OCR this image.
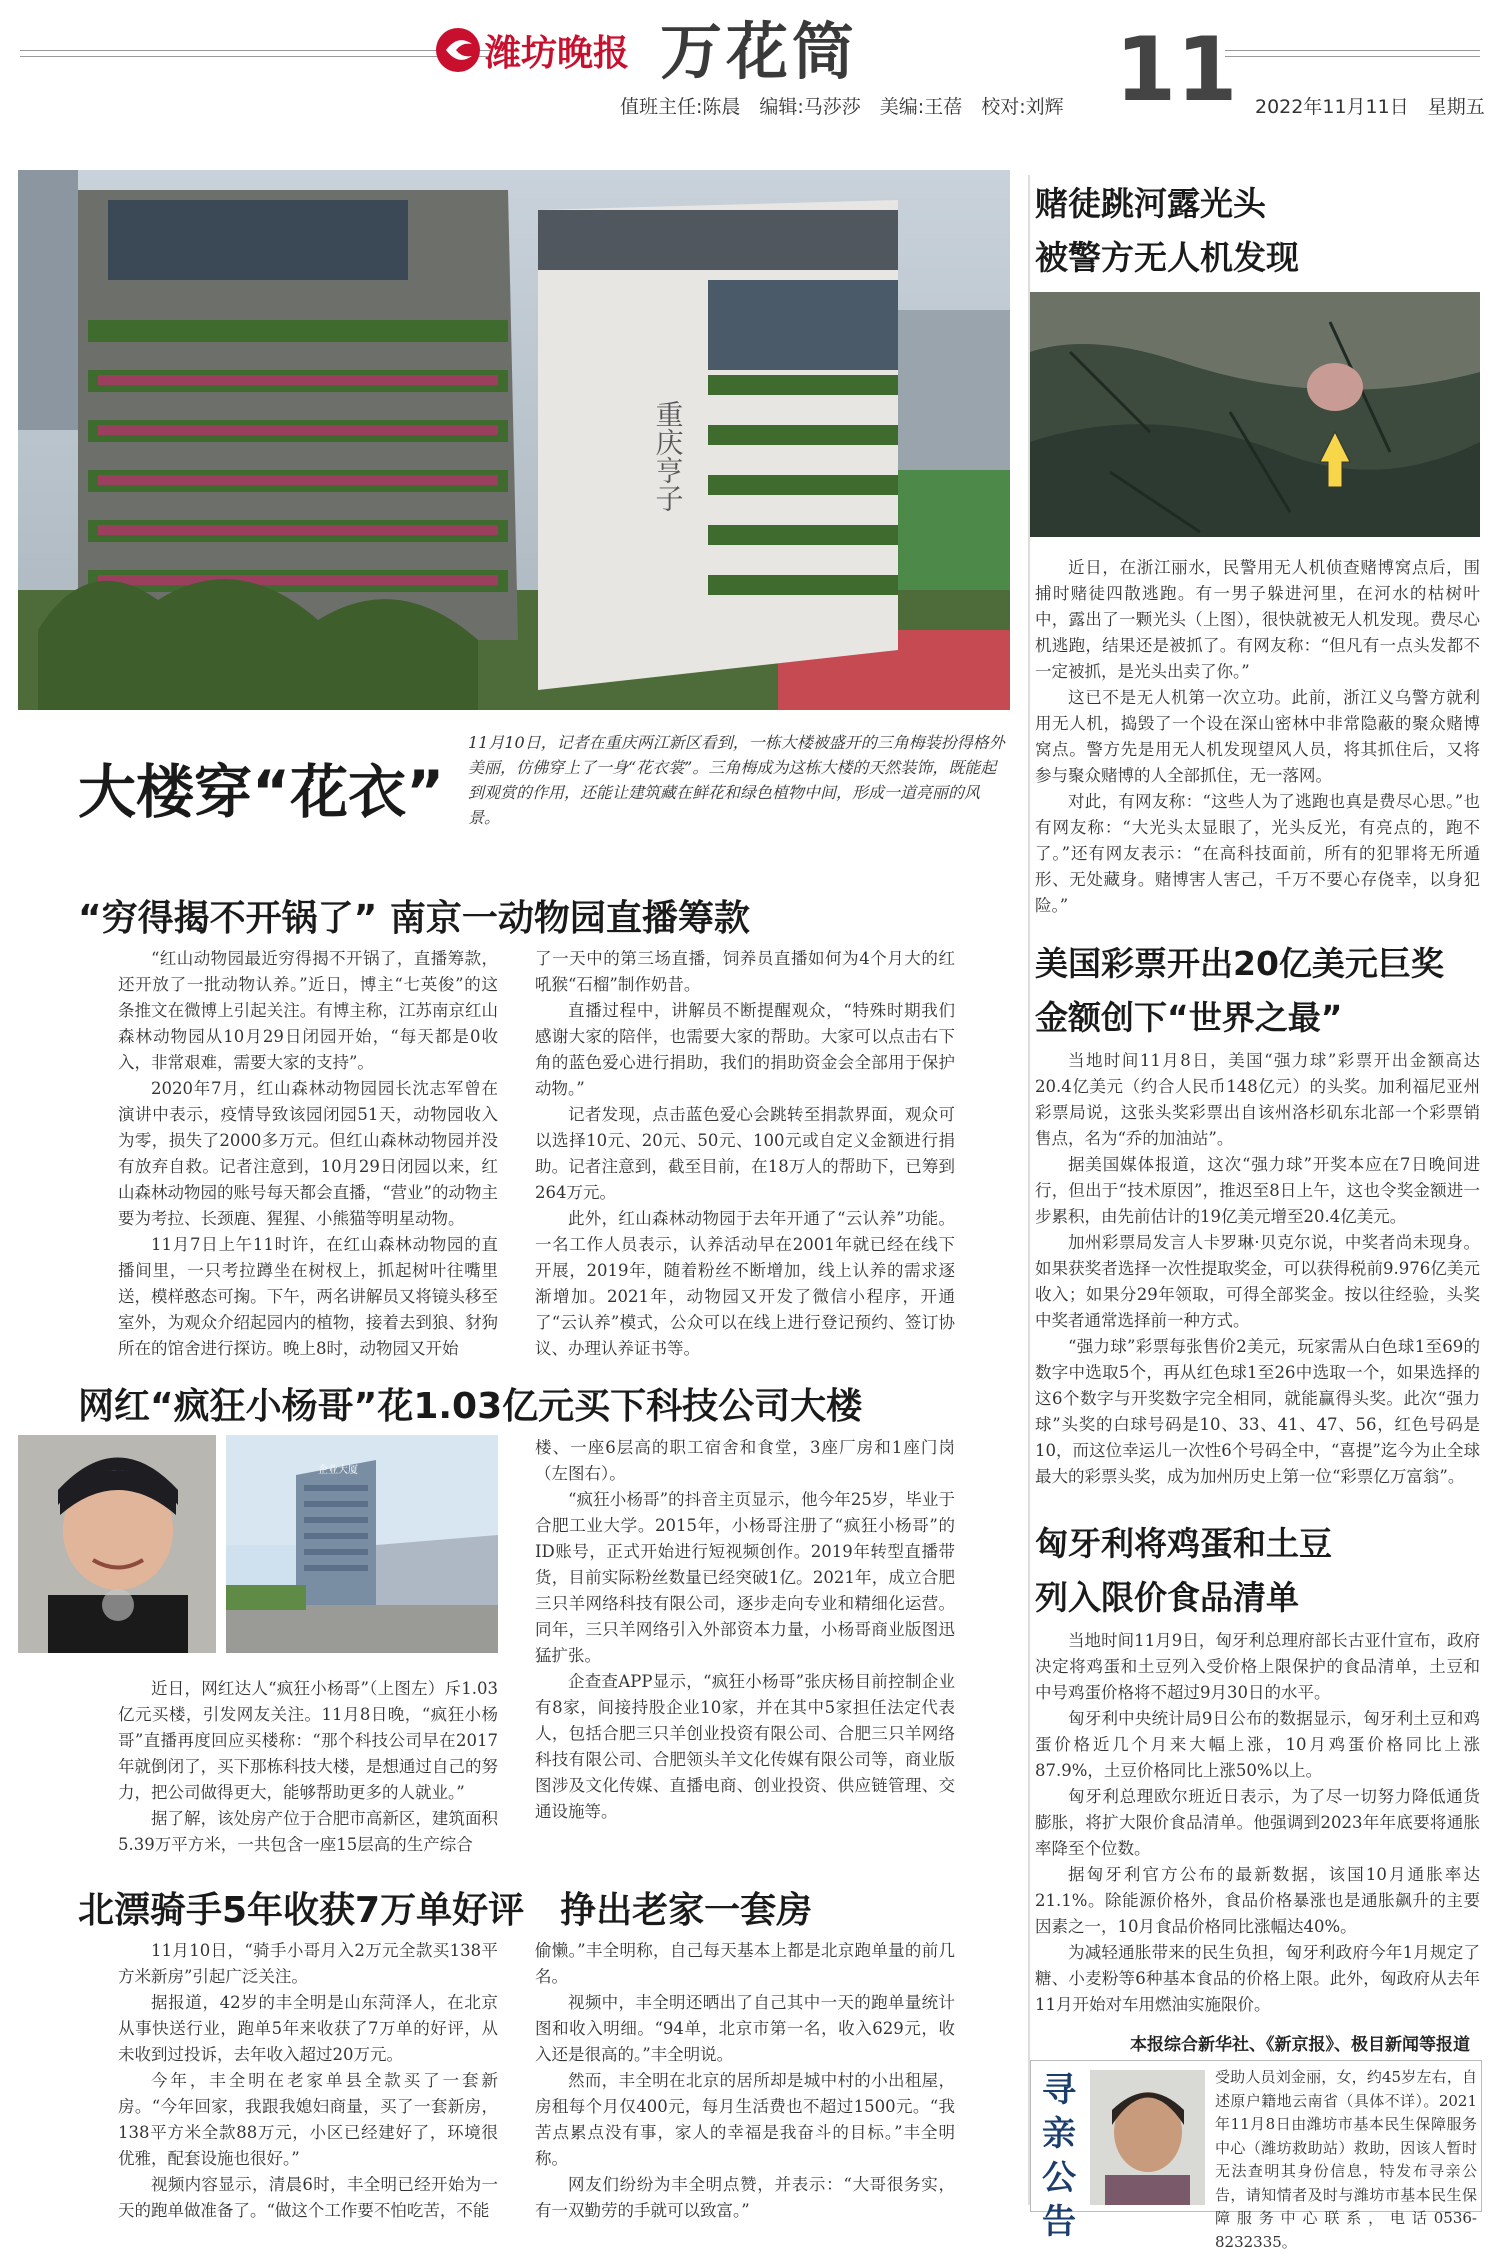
潍坊晚报 万花筒	11
值班主任:陈晨　编辑:马莎莎　美编:王蓓　校对:刘辉	2022年11月11日　星期五
重庆亨子
大楼穿“花衣”
11月10日，记者在重庆两江新区看到，一栋大楼被盛开的三角梅装扮得格外美丽，仿佛穿上了一身“花衣裳”。三角梅成为这栋大楼的天然装饰，既能起到观赏的作用，还能让建筑藏在鲜花和绿色植物中间，形成一道亮丽的风景。
“穷得揭不开锅了” 南京一动物园直播筹款

“红山动物园最近穷得揭不开锅了，直播筹款，还开放了一批动物认养。”近日，博主“七英俊”的这条推文在微博上引起关注。有博主称，江苏南京红山森林动物园从10月29日闭园开始，“每天都是0收入，非常艰难，需要大家的支持”。

2020年7月，红山森林动物园园长沈志军曾在演讲中表示，疫情导致该园闭园51天，动物园收入为零，损失了2000多万元。但红山森林动物园并没有放弃自救。记者注意到，10月29日闭园以来，红山森林动物园的账号每天都会直播，“营业”的动物主要为考拉、长颈鹿、猩猩、小熊猫等明星动物。

11月7日上午11时许，在红山森林动物园的直播间里，一只考拉蹲坐在树杈上，抓起树叶往嘴里送，模样憨态可掬。下午，两名讲解员又将镜头移至室外，为观众介绍起园内的植物，接着去到狼、豺狗所在的馆舍进行探访。晚上8时，动物园又开始

了一天中的第三场直播，饲养员直播如何为4个月大的红吼猴“石榴”制作奶昔。

直播过程中，讲解员不断提醒观众，“特殊时期我们感谢大家的陪伴，也需要大家的帮助。大家可以点击右下角的蓝色爱心进行捐助，我们的捐助资金会全部用于保护动物。”

记者发现，点击蓝色爱心会跳转至捐款界面，观众可以选择10元、20元、50元、100元或自定义金额进行捐助。记者注意到，截至目前，在18万人的帮助下，已筹到264万元。

此外，红山森林动物园于去年开通了“云认养”功能。一名工作人员表示，认养活动早在2001年就已经在线下开展，2019年，随着粉丝不断增加，线上认养的需求逐渐增加。2021年，动物园又开发了微信小程序，开通了“云认养”模式，公众可以在线上进行登记预约、签订协议、办理认养证书等。

网红“疯狂小杨哥”花1.03亿元买下科技公司大楼
企业大厦

近日，网红达人“疯狂小杨哥”（上图左）斥1.03亿元买楼，引发网友关注。11月8日晚，“疯狂小杨哥”直播再度回应买楼称：“那个科技公司早在2017年就倒闭了，买下那栋科技大楼，是想通过自己的努力，把公司做得更大，能够帮助更多的人就业。”

据了解，该处房产位于合肥市高新区，建筑面积5.39万平方米，一共包含一座15层高的生产综合

楼、一座6层高的职工宿舍和食堂，3座厂房和1座门岗（左图右）。

“疯狂小杨哥”的抖音主页显示，他今年25岁，毕业于合肥工业大学。2015年，小杨哥注册了“疯狂小杨哥”的ID账号，正式开始进行短视频创作。2019年转型直播带货，目前实际粉丝数量已经突破1亿。2021年，成立合肥三只羊网络科技有限公司，逐步走向专业和精细化运营。同年，三只羊网络引入外部资本力量，小杨哥商业版图迅猛扩张。

企查查APP显示，“疯狂小杨哥”张庆杨目前控制企业有8家，间接持股企业10家，并在其中5家担任法定代表人，包括合肥三只羊创业投资有限公司、合肥三只羊网络科技有限公司、合肥领头羊文化传媒有限公司等，商业版图涉及文化传媒、直播电商、创业投资、供应链管理、交通设施等。

北漂骑手5年收获7万单好评　挣出老家一套房

11月10日，“骑手小哥月入2万元全款买138平方米新房”引起广泛关注。

据报道，42岁的丰全明是山东菏泽人，在北京从事快送行业，跑单5年来收获了7万单的好评，从未收到过投诉，去年收入超过20万元。

今年，丰全明在老家单县全款买了一套新房。“今年回家，我跟我媳妇商量，买了一套新房，138平方米全款88万元，小区已经建好了，环境很优雅，配套设施也很好。”

视频内容显示，清晨6时，丰全明已经开始为一天的跑单做准备了。“做这个工作要不怕吃苦，不能

偷懒。”丰全明称，自己每天基本上都是北京跑单量的前几名。

视频中，丰全明还晒出了自己其中一天的跑单量统计图和收入明细。“94单，北京市第一名，收入629元，收入还是很高的。”丰全明说。

然而，丰全明在北京的居所却是城中村的小出租屋，房租每个月仅400元，每月生活费也不超过1500元。“我苦点累点没有事，家人的幸福是我奋斗的目标。”丰全明称。

网友们纷纷为丰全明点赞，并表示：“大哥很务实，有一双勤劳的手就可以致富。”

赌徒跳河露光头
被警方无人机发现

近日，在浙江丽水，民警用无人机侦查赌博窝点后，围捕时赌徒四散逃跑。有一男子躲进河里，在河水的枯树叶中，露出了一颗光头（上图），很快就被无人机发现。费尽心机逃跑，结果还是被抓了。有网友称：“但凡有一点头发都不一定被抓，是光头出卖了你。”

这已不是无人机第一次立功。此前，浙江义乌警方就利用无人机，捣毁了一个设在深山密林中非常隐蔽的聚众赌博窝点。警方先是用无人机发现望风人员，将其抓住后，又将参与聚众赌博的人全部抓住，无一落网。

对此，有网友称：“这些人为了逃跑也真是费尽心思。”也有网友称：“大光头太显眼了，光头反光，有亮点的，跑不了。”还有网友表示：“在高科技面前，所有的犯罪将无所遁形、无处藏身。赌博害人害己，千万不要心存侥幸，以身犯险。”

美国彩票开出20亿美元巨奖
金额创下“世界之最”

当地时间11月8日，美国“强力球”彩票开出金额高达20.4亿美元（约合人民币148亿元）的头奖。加利福尼亚州彩票局说，这张头奖彩票出自该州洛杉矶东北部一个彩票销售点，名为“乔的加油站”。

据美国媒体报道，这次“强力球”开奖本应在7日晚间进行，但出于“技术原因”，推迟至8日上午，这也令奖金额进一步累积，由先前估计的19亿美元增至20.4亿美元。

加州彩票局发言人卡罗琳·贝克尔说，中奖者尚未现身。如果获奖者选择一次性提取奖金，可以获得税前9.976亿美元收入；如果分29年领取，可得全部奖金。按以往经验，头奖中奖者通常选择前一种方式。

“强力球”彩票每张售价2美元，玩家需从白色球1至69的数字中选取5个，再从红色球1至26中选取一个，如果选择的这6个数字与开奖数字完全相同，就能赢得头奖。此次“强力球”头奖的白球号码是10、33、41、47、56，红色号码是10，而这位幸运儿一次性6个号码全中，“喜提”迄今为止全球最大的彩票头奖，成为加州历史上第一位“彩票亿万富翁”。

匈牙利将鸡蛋和土豆
列入限价食品清单

当地时间11月9日，匈牙利总理府部长古亚什宣布，政府决定将鸡蛋和土豆列入受价格上限保护的食品清单，土豆和中号鸡蛋价格将不超过9月30日的水平。

匈牙利中央统计局9日公布的数据显示，匈牙利土豆和鸡蛋价格近几个月来大幅上涨，10月鸡蛋价格同比上涨87.9%，土豆价格同比上涨50%以上。

匈牙利总理欧尔班近日表示，为了尽一切努力降低通货膨胀，将扩大限价食品清单。他强调到2023年年底要将通胀率降至个位数。

据匈牙利官方公布的最新数据，该国10月通胀率达21.1%。除能源价格外，食品价格暴涨也是通胀飙升的主要因素之一，10月食品价格同比涨幅达40%。

为减轻通胀带来的民生负担，匈牙利政府今年1月规定了糖、小麦粉等6种基本食品的价格上限。此外，匈政府从去年11月开始对车用燃油实施限价。

本报综合新华社、《新京报》、极目新闻等报道
寻亲公告
受助人员刘金丽，女，约45岁左右，自述原户籍地云南省（具体不详）。2021年11月8日由潍坊市基本民生保障服务中心（潍坊救助站）救助，因该人暂时无法查明其身份信息，特发布寻亲公告，请知情者及时与潍坊市基本民生保障服务中心联系，电话0536-8232335。
